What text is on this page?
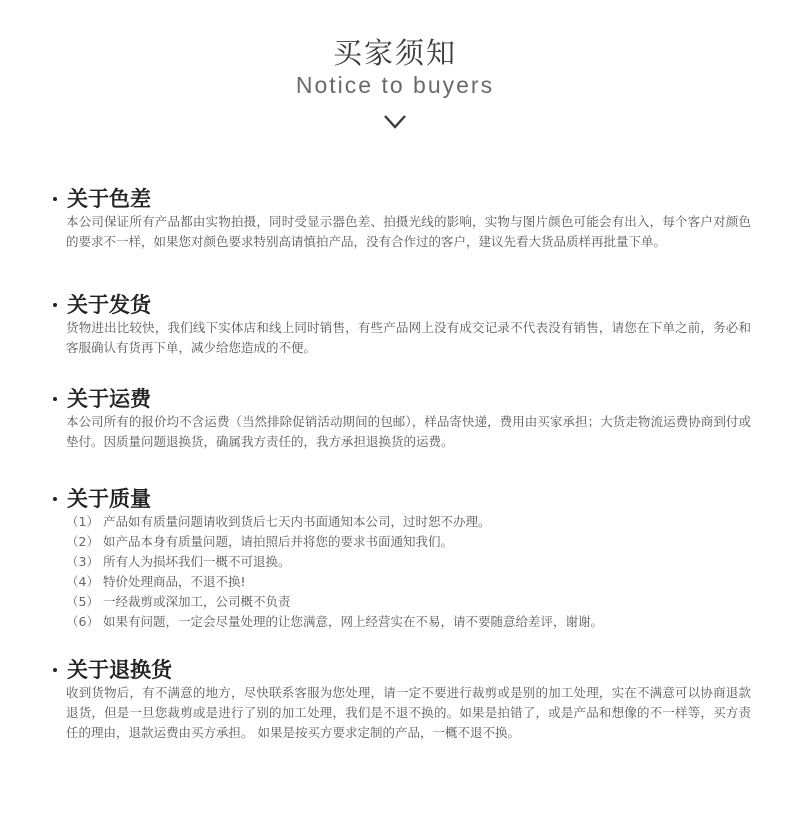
买家须知
Notice to buyers
关于色差

本公司保证所有产品都由实物拍摄，同时受显示器色差、拍摄光线的影响，实物与图片颜色可能会有出入，每个客户对颜色的要求不一样，如果您对颜色要求特别高请慎拍产品，没有合作过的客户，建议先看大货品质样再批量下单。

关于发货

货物进出比较快，我们线下实体店和线上同时销售，有些产品网上没有成交记录不代表没有销售，请您在下单之前，务必和客服确认有货再下单，减少给您造成的不便。

关于运费

本公司所有的报价均不含运费（当然排除促销活动期间的包邮），样品寄快递，费用由买家承担；大货走物流运费协商到付或垫付。因质量问题退换货，确属我方责任的，我方承担退换货的运费。

关于质量
（1） 产品如有质量问题请收到货后七天内书面通知本公司，过时恕不办理。
（2） 如产品本身有质量问题，请拍照后并将您的要求书面通知我们。
（3） 所有人为损坏我们一概不可退换。
（4） 特价处理商品，不退不换!
（5） 一经裁剪或深加工，公司概不负责
（6） 如果有问题，一定会尽量处理的让您满意，网上经营实在不易，请不要随意给差评，谢谢。
关于退换货

收到货物后，有不满意的地方，尽快联系客服为您处理，请一定不要进行裁剪或是别的加工处理，实在不满意可以协商退款退货，但是一旦您裁剪或是进行了别的加工处理，我们是不退不换的。如果是拍错了，或是产品和想像的不一样等，买方责任的理由，退款运费由买方承担。 如果是按买方要求定制的产品，一概不退不换。
